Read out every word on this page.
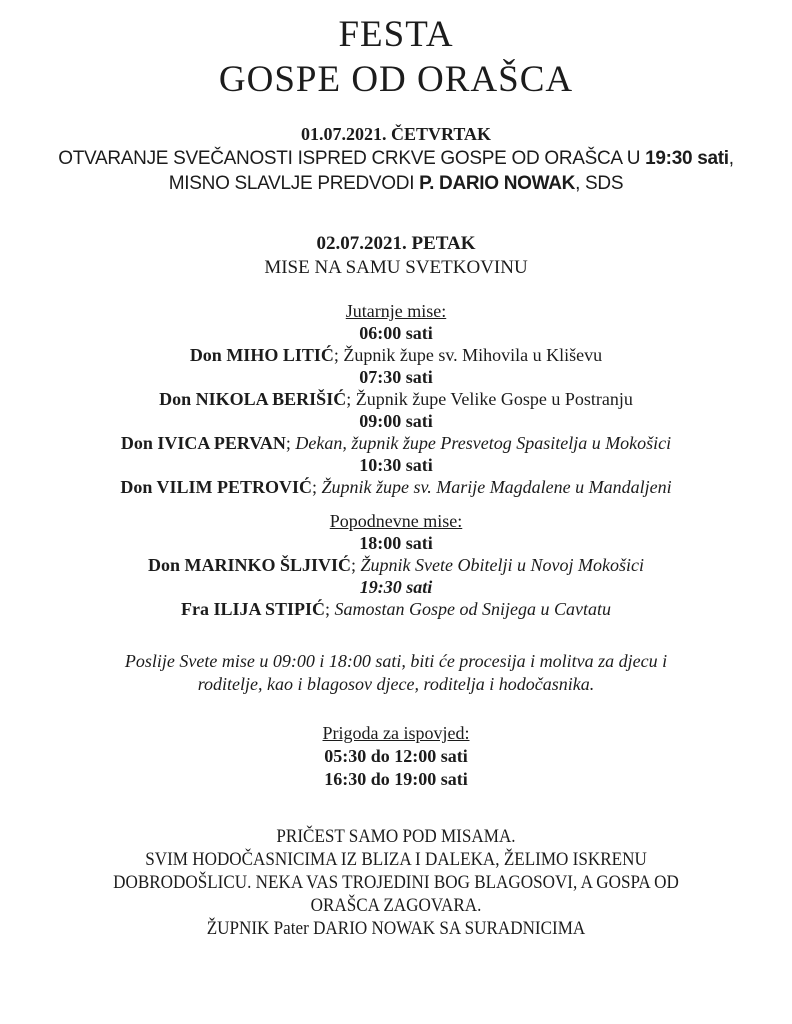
FESTA
GOSPE OD ORAŠCA
01.07.2021. ČETVRTAK
OTVARANJE SVEČANOSTI ISPRED CRKVE GOSPE OD ORAŠCA U 19:30 sati,
MISNO SLAVLJE PREDVODI P. DARIO NOWAK, SDS
02.07.2021. PETAK
MISE NA SAMU SVETKOVINU
Jutarnje mise:
06:00 sati
Don MIHO LITIĆ; Župnik župe sv. Mihovila u Kliševu
07:30 sati
Don NIKOLA BERIŠIĆ; Župnik župe Velike Gospe u Postranju
09:00 sati
Don IVICA PERVAN; Dekan, župnik župe Presvetog Spasitelja u Mokošici
10:30 sati
Don VILIM PETROVIĆ; Župnik župe sv. Marije Magdalene u Mandaljeni
Popodnevne mise:
18:00 sati
Don MARINKO ŠLJIVIĆ; Župnik Svete Obitelji u Novoj Mokošici
19:30 sati
Fra ILIJA STIPIĆ; Samostan Gospe od Snijega u Cavtatu
Poslije Svete mise u 09:00 i 18:00 sati, biti će procesija i molitva za djecu i
roditelje, kao i blagosov djece, roditelja i hodočasnika.
Prigoda za ispovjed:
05:30 do 12:00 sati
16:30 do 19:00 sati
PRIČEST SAMO POD MISAMA.
SVIM HODOČASNICIMA IZ BLIZA I DALEKA, ŽELIMO ISKRENU
DOBRODOŠLICU. NEKA VAS TROJEDINI BOG BLAGOSOVI, A GOSPA OD
ORAŠCA ZAGOVARA.
ŽUPNIK Pater DARIO NOWAK SA SURADNICIMA
